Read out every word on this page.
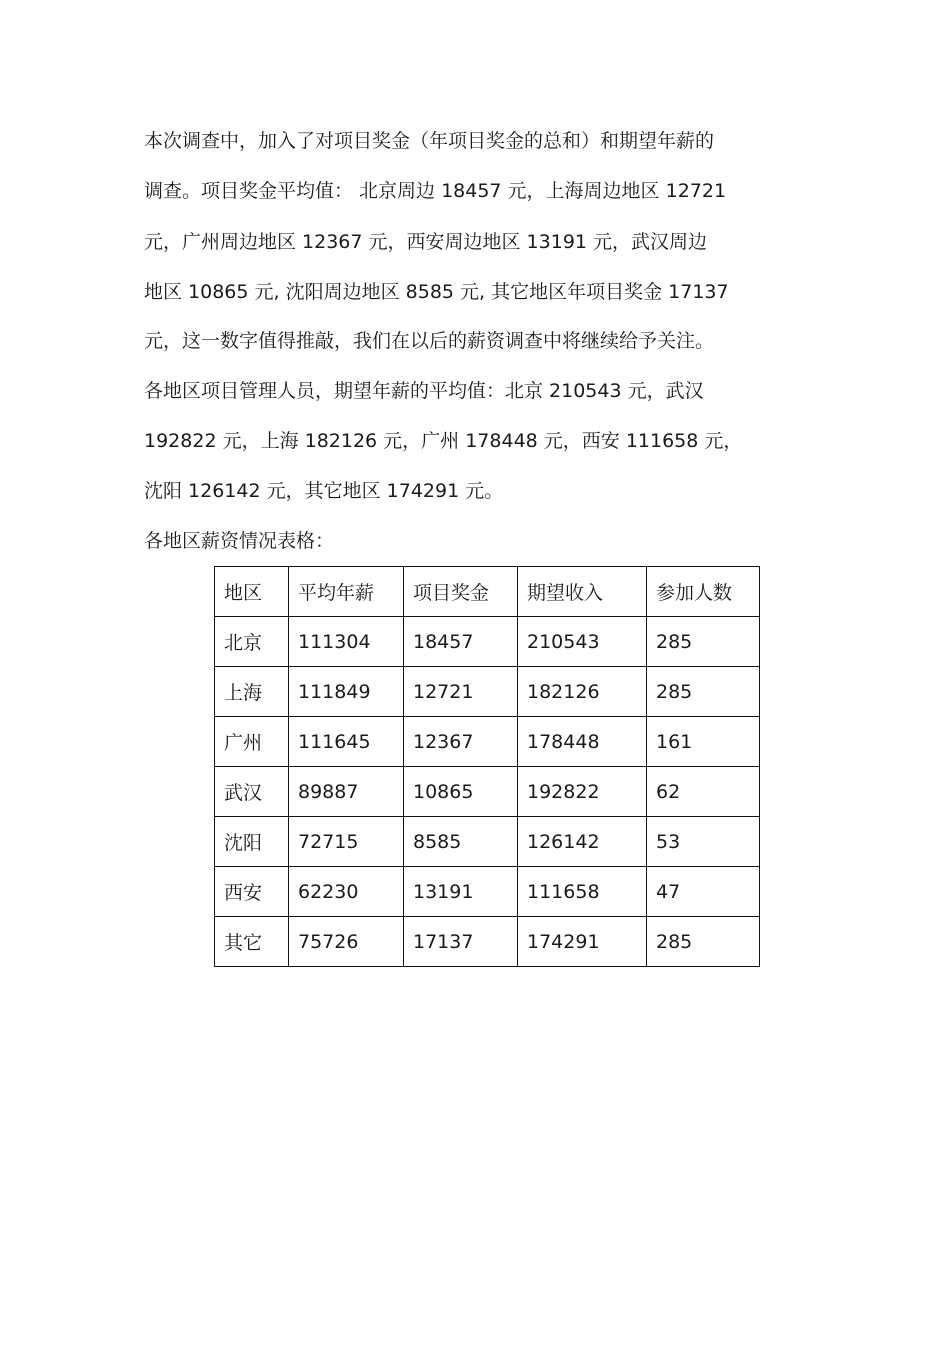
本次调查中，加入了对项目奖金（年项目奖金的总和）和期望年薪的
调查。项目奖金平均值： 北京周边 18457 元，上海周边地区 12721
元，广州周边地区 12367 元，西安周边地区 13191 元，武汉周边
地区 10865 元, 沈阳周边地区 8585 元, 其它地区年项目奖金 17137
元，这一数字值得推敲，我们在以后的薪资调查中将继续给予关注。
各地区项目管理人员，期望年薪的平均值：北京 210543 元，武汉
192822 元，上海 182126 元，广州 178448 元，西安 111658 元，
沈阳 126142 元，其它地区 174291 元。
各地区薪资情况表格：
地区	平均年薪	项目奖金	期望收入	参加人数
北京	111304	18457	210543	285
上海	111849	12721	182126	285
广州	111645	12367	178448	161
武汉	89887	10865	192822	62
沈阳	72715	8585	126142	53
西安	62230	13191	111658	47
其它	75726	17137	174291	285
